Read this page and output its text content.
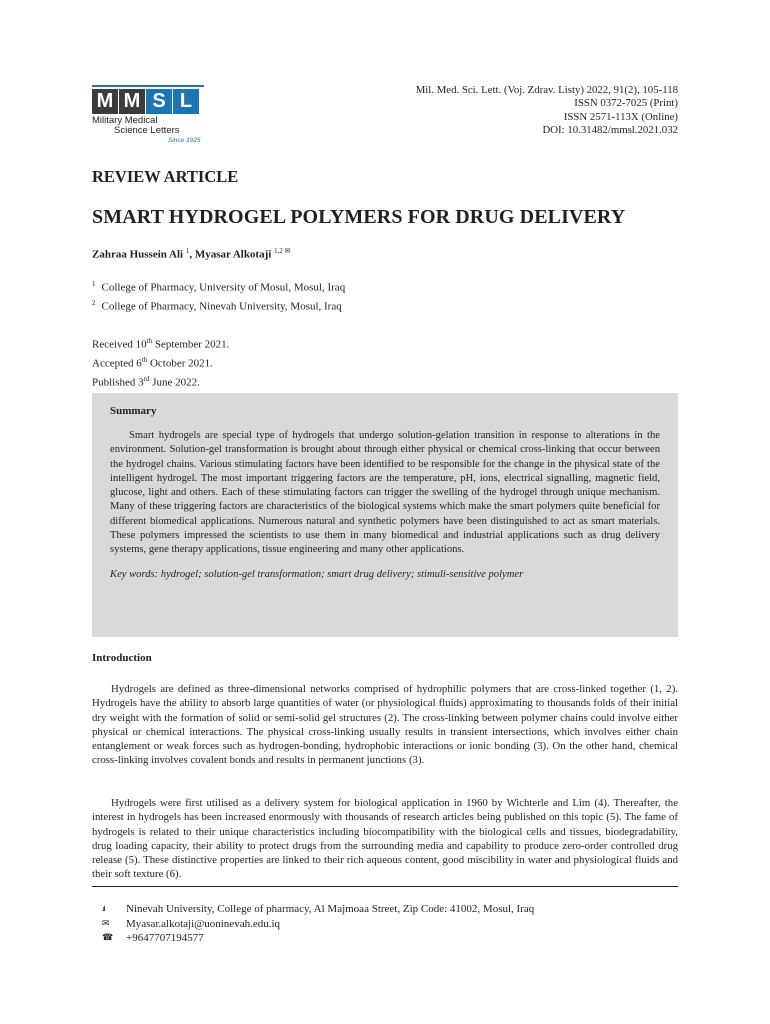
M M S L
Military Medical
Science Letters
Since 1925
Mil. Med. Sci. Lett. (Voj. Zdrav. Listy) 2022, 91(2), 105-118
ISSN 0372-7025 (Print)
ISSN 2571-113X (Online)
DOI: 10.31482/mmsl.2021.032
REVIEW ARTICLE
SMART HYDROGEL POLYMERS FOR DRUG DELIVERY
Zahraa Hussein Ali $^1$, Myasar Alkotaji $^{1,2 ✉}$
$^1$ College of Pharmacy, University of Mosul, Mosul, Iraq
$^2$ College of Pharmacy, Ninevah University, Mosul, Iraq
Received 10th September 2021.
Accepted 6th October 2021.
Published 3rd June 2022.
Summary
Smart hydrogels are special type of hydrogels that undergo solution-gelation transition in response to alterations in the environment. Solution-gel transformation is brought about through either physical or chemical cross-linking that occur between the hydrogel chains. Various stimulating factors have been identified to be responsible for the change in the physical state of the intelligent hydrogel. The most important triggering factors are the temperature, pH, ions, electrical signalling, magnetic field, glucose, light and others. Each of these stimulating factors can trigger the swelling of the hydrogel through unique mechanism. Many of these triggering factors are characteristics of the biological systems which make the smart polymers quite beneficial for different biomedical applications. Numerous natural and synthetic polymers have been distinguished to act as smart materials. These polymers impressed the scientists to use them in many biomedical and industrial applications such as drug delivery systems, gene therapy applications, tissue engineering and many other applications.
Key words: hydrogel; solution-gel transformation; smart drug delivery; stimuli-sensitive polymer
Introduction
Hydrogels are defined as three-dimensional networks comprised of hydrophilic polymers that are cross-linked together (1, 2). Hydrogels have the ability to absorb large quantities of water (or physiological fluids) approximating to thousands folds of their initial dry weight with the formation of solid or semi-solid gel structures (2). The cross-linking between polymer chains could involve either physical or chemical interactions. The physical cross-linking usually results in transient intersections, which involves either chain entanglement or weak forces such as hydrogen-bonding, hydrophobic interactions or ionic bonding (3). On the other hand, chemical cross-linking involves covalent bonds and results in permanent junctions (3).
Hydrogels were first utilised as a delivery system for biological application in 1960 by Wichterle and Lim (4). Thereafter, the interest in hydrogels has been increased enormously with thousands of research articles being published on this topic (5). The fame of hydrogels is related to their unique characteristics including biocompatibility with the biological cells and tissues, biodegradability, drug loading capacity, their ability to protect drugs from the surrounding media and capability to produce zero-order controlled drug release (5). These distinctive properties are linked to their rich aqueous content, good miscibility in water and physiological fluids and their soft texture (6).
🖠	Ninevah University, College of pharmacy, Al Majmoaa Street, Zip Code: 41002, Mosul, Iraq
✉	Myasar.alkotaji@uoninevah.edu.iq
☎	+9647707194577
